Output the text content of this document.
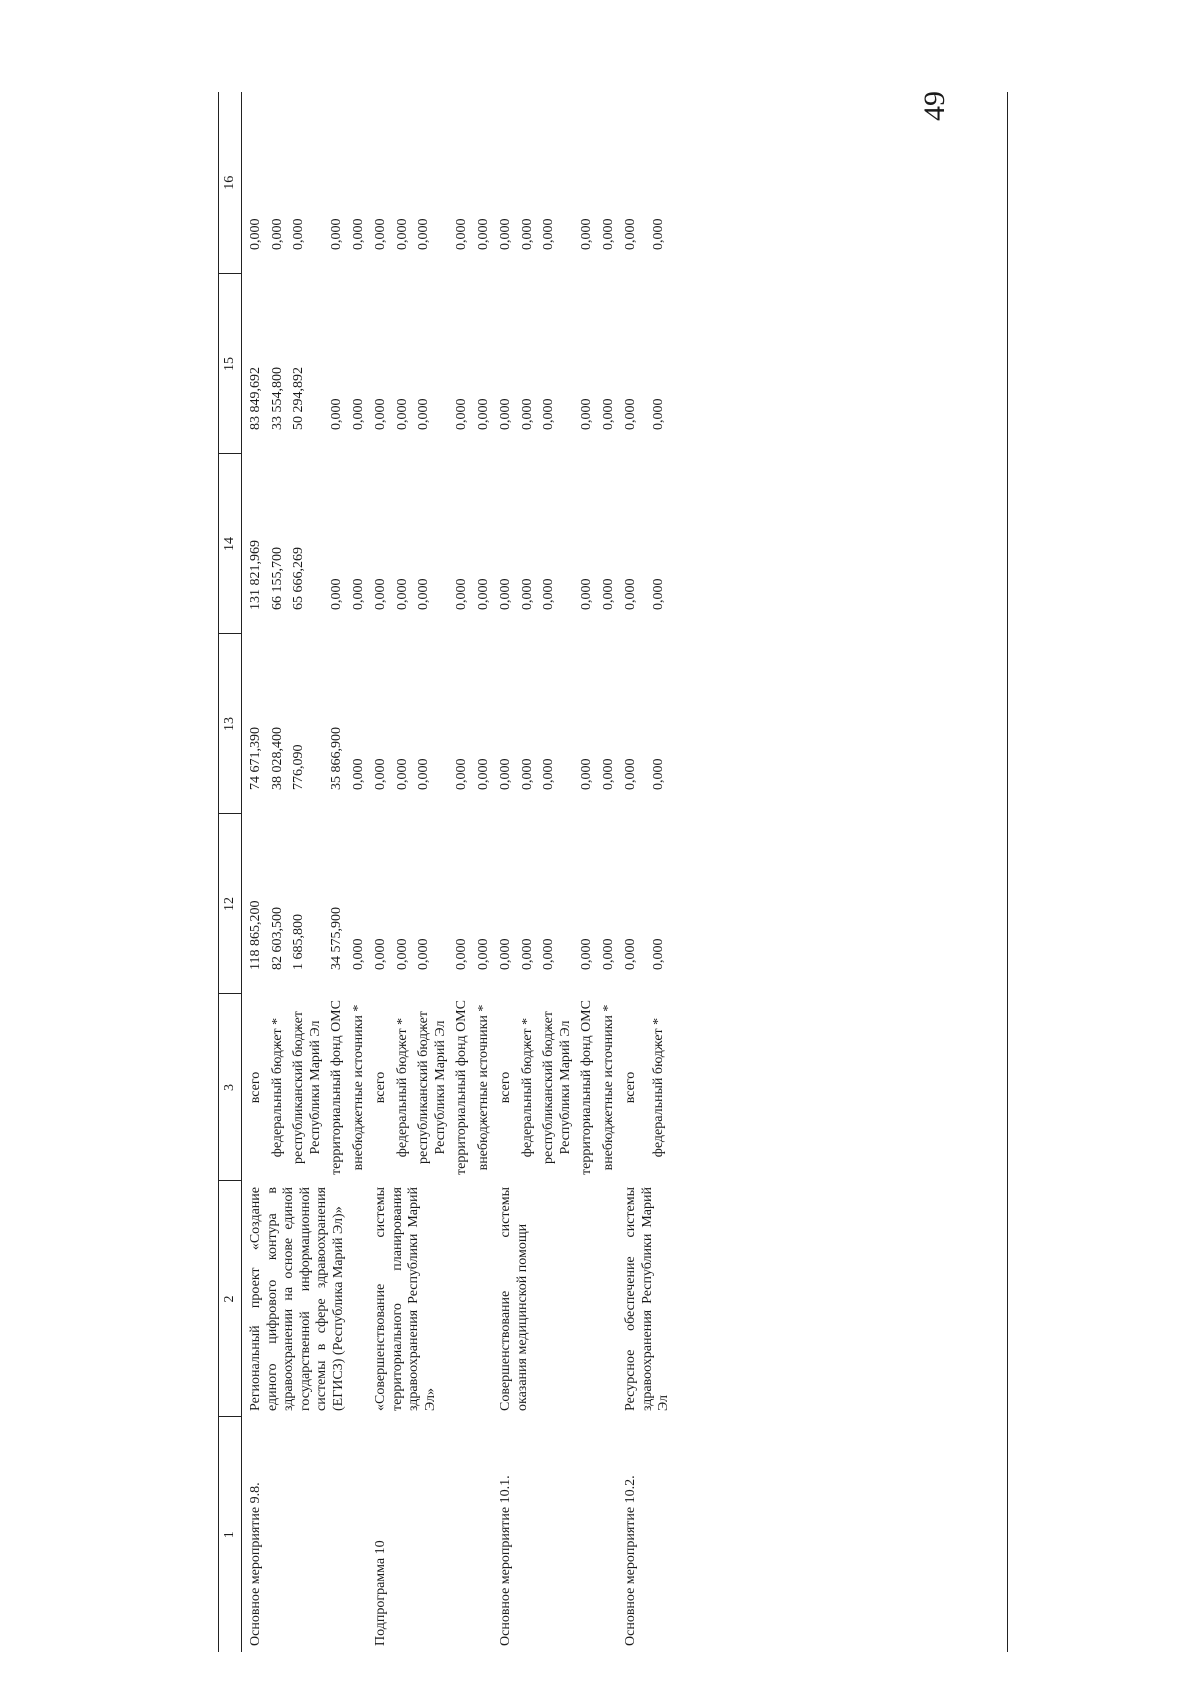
49
1	2	3	12	13	14	15	16
Основное мероприятие 9.8.	Региональный проект «Создание единого цифрового контура в здравоохранении на основе единой государственной информационной системы в сфере здравоохранения (ЕГИСЗ) (Республика Марий Эл)»	всего	118 865,200	74 671,390	131 821,969	83 849,692	0,000
		федеральный бюджет *	82 603,500	38 028,400	66 155,700	33 554,800	0,000
		республиканский бюджет Республики Марий Эл	1 685,800	776,090	65 666,269	50 294,892	0,000
		территориальный фонд ОМС	34 575,900	35 866,900	0,000	0,000	0,000
		внебюджетные источники *	0,000	0,000	0,000	0,000	0,000
Подпрограмма 10	«Совершенствование системы территориального планирования здравоохранения Республики Марий Эл»	всего	0,000	0,000	0,000	0,000	0,000
		федеральный бюджет *	0,000	0,000	0,000	0,000	0,000
		республиканский бюджет Республики Марий Эл	0,000	0,000	0,000	0,000	0,000
		территориальный фонд ОМС	0,000	0,000	0,000	0,000	0,000
		внебюджетные источники *	0,000	0,000	0,000	0,000	0,000
Основное мероприятие 10.1.	Совершенствование системы оказания медицинской помощи	всего	0,000	0,000	0,000	0,000	0,000
		федеральный бюджет *	0,000	0,000	0,000	0,000	0,000
		республиканский бюджет Республики Марий Эл	0,000	0,000	0,000	0,000	0,000
		территориальный фонд ОМС	0,000	0,000	0,000	0,000	0,000
		внебюджетные источники *	0,000	0,000	0,000	0,000	0,000
Основное мероприятие 10.2.	Ресурсное обеспечение системы здравоохранения Республики Марий Эл	всего	0,000	0,000	0,000	0,000	0,000
		федеральный бюджет *	0,000	0,000	0,000	0,000	0,000
